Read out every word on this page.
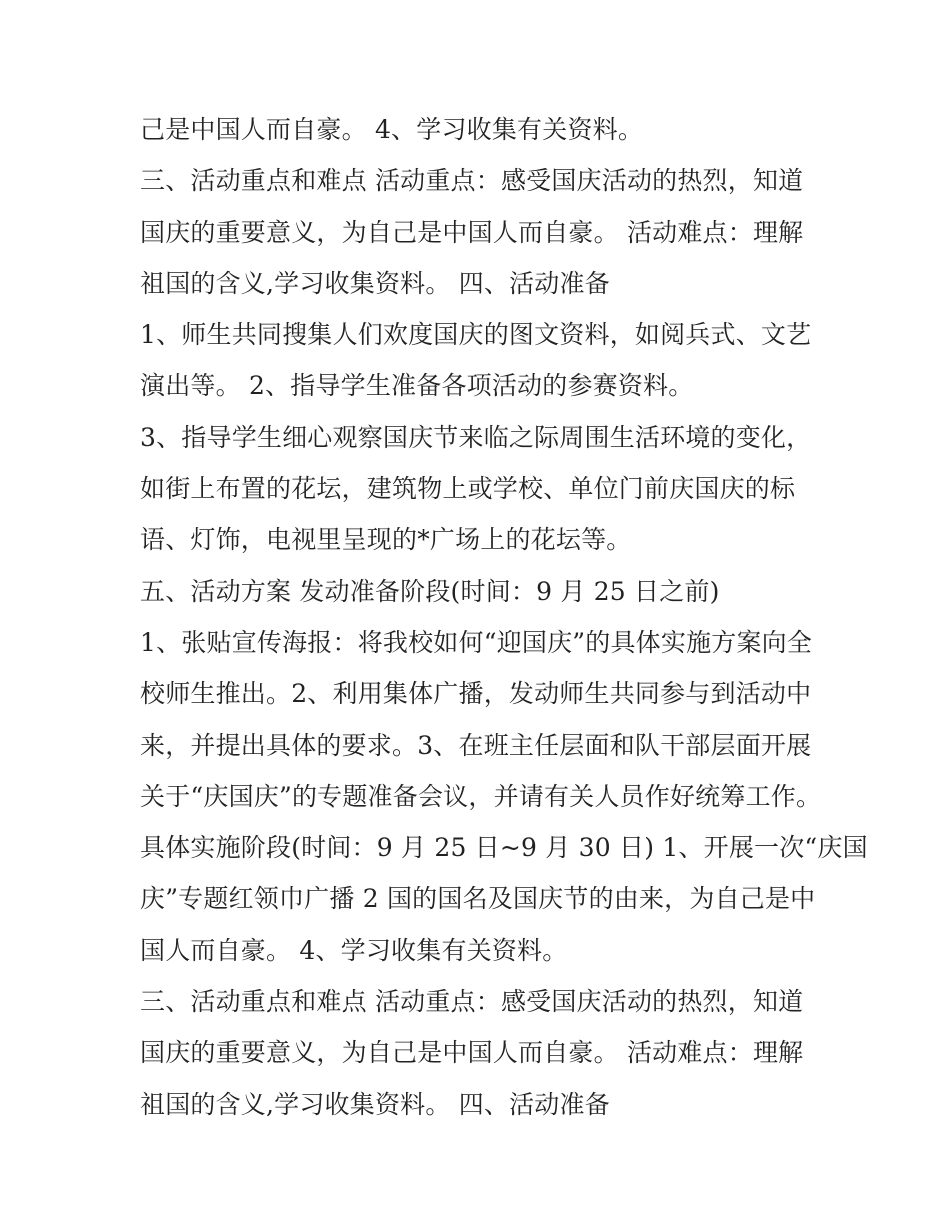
己是中国人而自豪。 4、学习收集有关资料。
三、活动重点和难点 活动重点：感受国庆活动的热烈，知道
国庆的重要意义，为自己是中国人而自豪。 活动难点：理解
祖国的含义,学习收集资料。 四、活动准备
1、师生共同搜集人们欢度国庆的图文资料，如阅兵式、文艺
演出等。 2、指导学生准备各项活动的参赛资料。
3、指导学生细心观察国庆节来临之际周围生活环境的变化，
如街上布置的花坛，建筑物上或学校、单位门前庆国庆的标
语、灯饰，电视里呈现的*广场上的花坛等。
五、活动方案 发动准备阶段(时间：9 月 25 日之前)
1、张贴宣传海报：将我校如何“迎国庆”的具体实施方案向全
校师生推出。2、利用集体广播，发动师生共同参与到活动中
来，并提出具体的要求。3、在班主任层面和队干部层面开展
关于“庆国庆”的专题准备会议，并请有关人员作好统筹工作。
具体实施阶段(时间：9 月 25 日~9 月 30 日) 1、开展一次“庆国
庆”专题红领巾广播 2 国的国名及国庆节的由来，为自己是中
国人而自豪。 4、学习收集有关资料。
三、活动重点和难点 活动重点：感受国庆活动的热烈，知道
国庆的重要意义，为自己是中国人而自豪。 活动难点：理解
祖国的含义,学习收集资料。 四、活动准备
